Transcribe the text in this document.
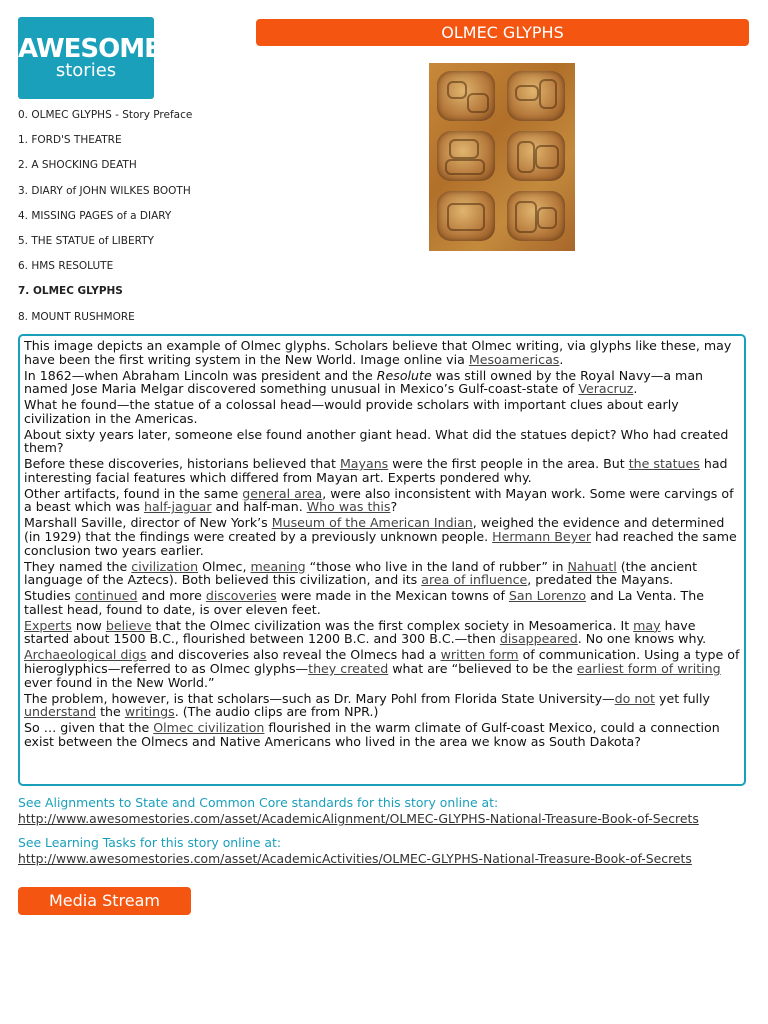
AWESOME
stories
OLMEC GLYPHS
0. OLMEC GLYPHS - Story Preface
1. FORD'S THEATRE
2. A SHOCKING DEATH
3. DIARY of JOHN WILKES BOOTH
4. MISSING PAGES of a DIARY
5. THE STATUE of LIBERTY
6. HMS RESOLUTE
7. OLMEC GLYPHS
8. MOUNT RUSHMORE

This image depicts an example of Olmec glyphs. Scholars believe that Olmec writing, via glyphs like these, may have been the first writing system in the New World. Image online via Mesoamericas.

In 1862—when Abraham Lincoln was president and the Resolute was still owned by the Royal Navy—a man named Jose Maria Melgar discovered something unusual in Mexico’s Gulf-coast-state of Veracruz.

What he found—the statue of a colossal head—would provide scholars with important clues about early civilization in the Americas.

About sixty years later, someone else found another giant head. What did the statues depict? Who had created them?

Before these discoveries, historians believed that Mayans were the first people in the area. But the statues had interesting facial features which differed from Mayan art. Experts pondered why.

Other artifacts, found in the same general area, were also inconsistent with Mayan work. Some were carvings of a beast which was half-jaguar and half-man. Who was this?

Marshall Saville, director of New York’s Museum of the American Indian, weighed the evidence and determined (in 1929) that the findings were created by a previously unknown people. Hermann Beyer had reached the same conclusion two years earlier.

They named the civilization Olmec, meaning “those who live in the land of rubber” in Nahuatl (the ancient language of the Aztecs). Both believed this civilization, and its area of influence, predated the Mayans.

Studies continued and more discoveries were made in the Mexican towns of San Lorenzo and La Venta. The tallest head, found to date, is over eleven feet.

Experts now believe that the Olmec civilization was the first complex society in Mesoamerica. It may have started about 1500 B.C., flourished between 1200 B.C. and 300 B.C.—then disappeared. No one knows why.

Archaeological digs and discoveries also reveal the Olmecs had a written form of communication. Using a type of hieroglyphics—referred to as Olmec glyphs—they created what are “believed to be the earliest form of writing ever found in the New World.”

The problem, however, is that scholars—such as Dr. Mary Pohl from Florida State University—do not yet fully understand the writings. (The audio clips are from NPR.)

So … given that the Olmec civilization flourished in the warm climate of Gulf-coast Mexico, could a connection exist between the Olmecs and Native Americans who lived in the area we know as South Dakota?

See Alignments to State and Common Core standards for this story online at:
http://www.awesomestories.com/asset/AcademicAlignment/OLMEC-GLYPHS-National-Treasure-Book-of-Secrets
See Learning Tasks for this story online at:
http://www.awesomestories.com/asset/AcademicActivities/OLMEC-GLYPHS-National-Treasure-Book-of-Secrets
Media Stream
